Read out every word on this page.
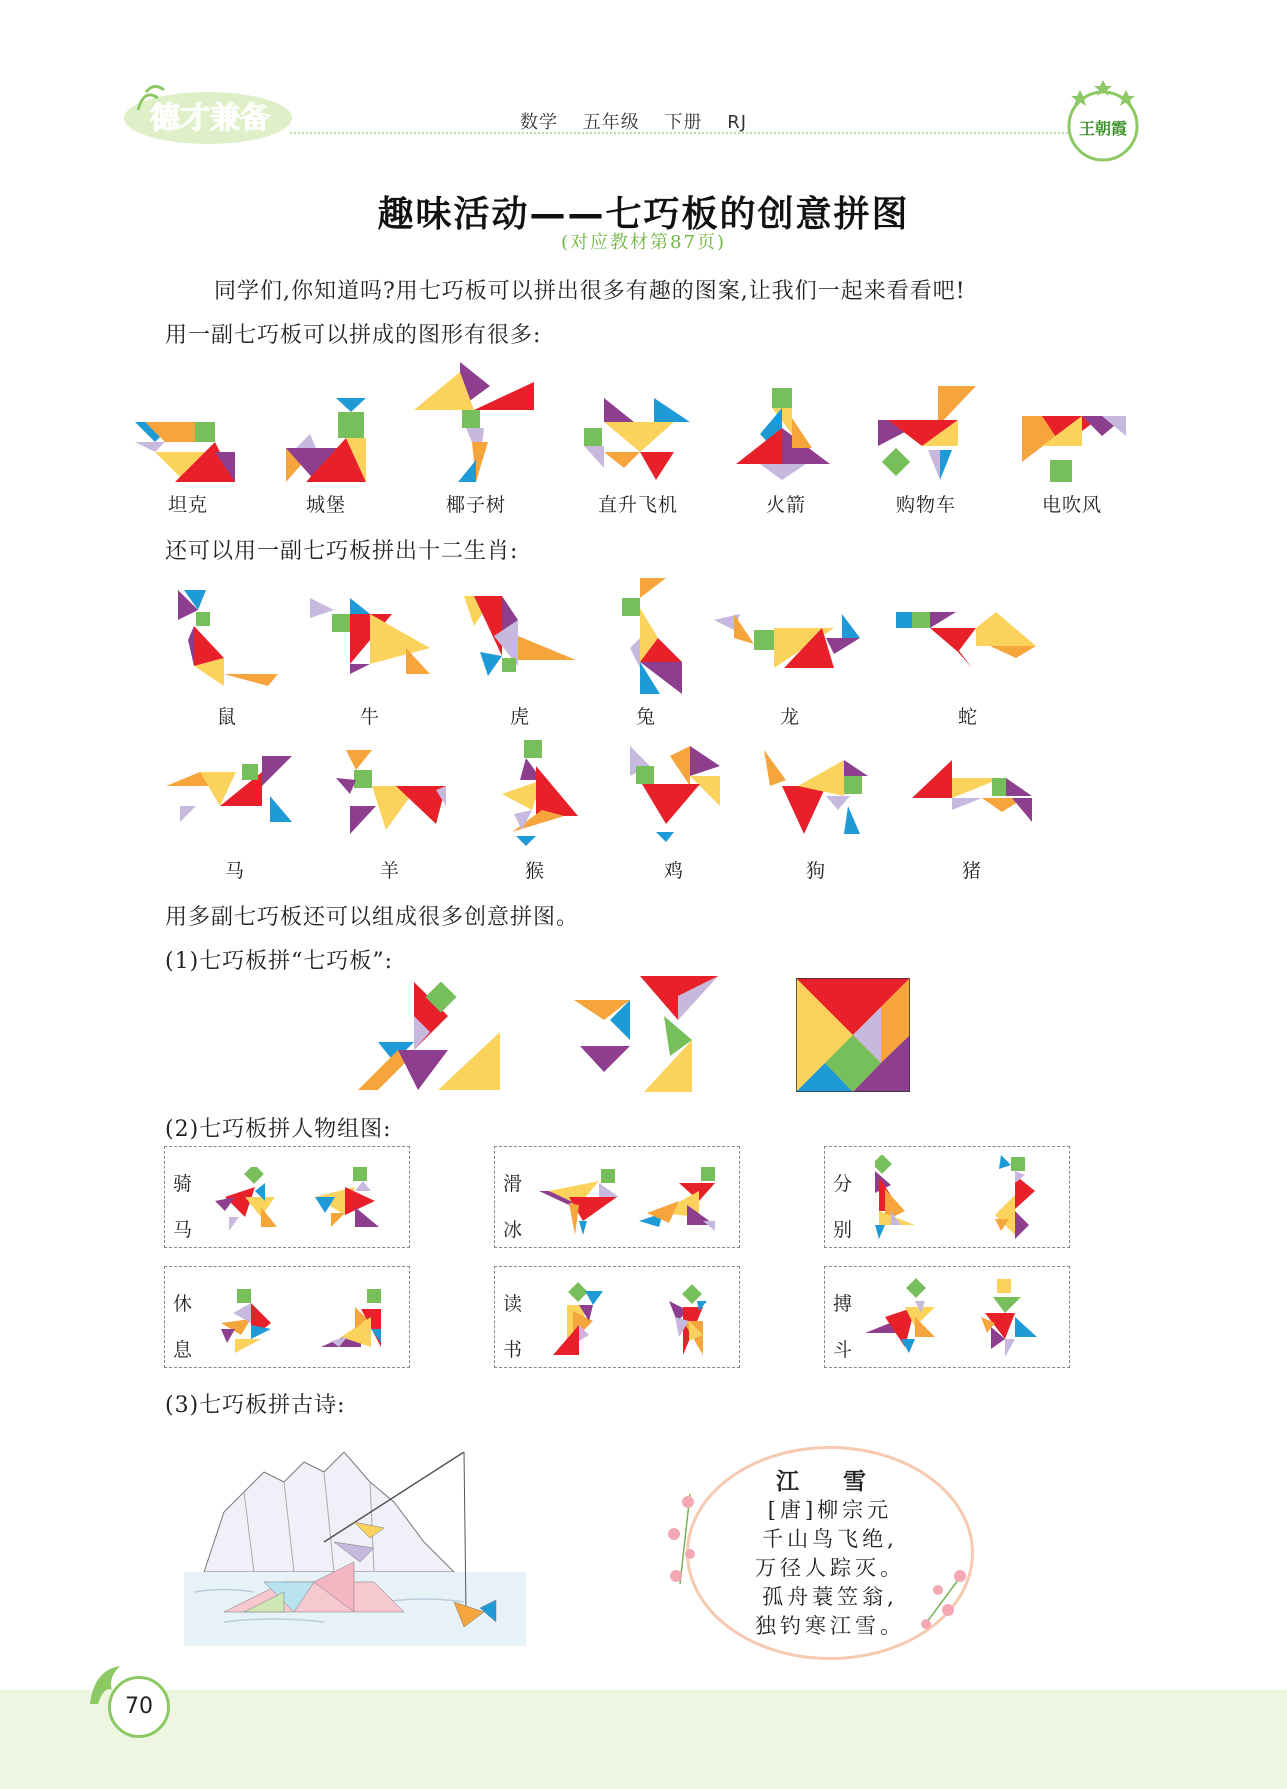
德才兼备	数学 五年级 下册 RJ	王朝霞
趣味活动——七巧板的创意拼图
(对应教材第87页)
同学们,你知道吗?用七巧板可以拼出很多有趣的图案,让我们一起来看看吧!
用一副七巧板可以拼成的图形有很多:
坦克	城堡	椰子树	直升飞机	火箭	购物车	电吹风
还可以用一副七巧板拼出十二生肖:
鼠	牛	虎	兔	龙	蛇
马	羊	猴	鸡	狗	猪
用多副七巧板还可以组成很多创意拼图。
(1)七巧板拼“七巧板”:
(2)七巧板拼人物组图:
骑
马
滑
冰
分
别
休
息
读
书
搏
斗
(3)七巧板拼古诗:
江 雪
[唐]柳宗元
千山鸟飞绝,
万径人踪灭。
孤舟蓑笠翁,
独钓寒江雪。
70
